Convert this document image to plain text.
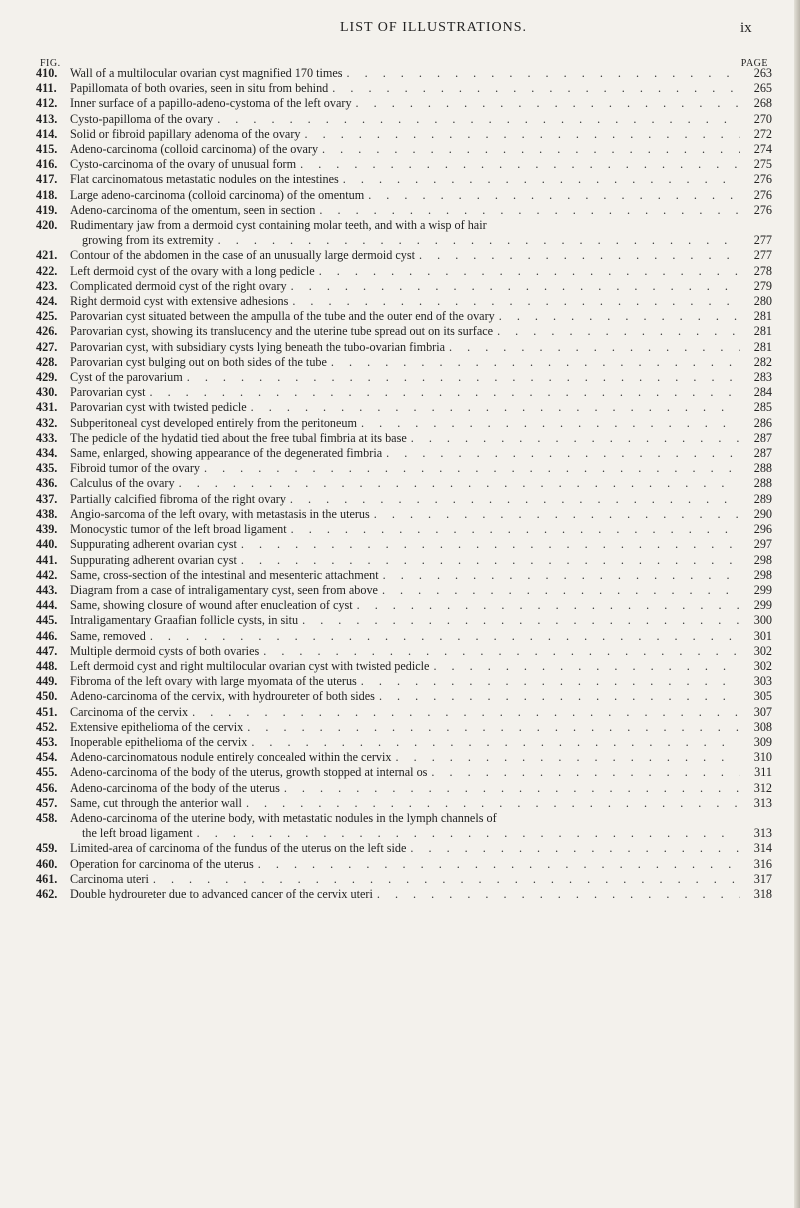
LIST OF ILLUSTRATIONS.	ix
FIG.	PAGE
410.	Wall of a multilocular ovarian cyst magnified 170 times . . .	263
411.	Papillomata of both ovaries, seen in situ from behind . . .	265
412.	Inner surface of a papillo-adeno-cystoma of the left ovary . . .	268
413.	Cysto-papilloma of the ovary . . .	270
414.	Solid or fibroid papillary adenoma of the ovary . . .	272
415.	Adeno-carcinoma (colloid carcinoma) of the ovary . . .	274
416.	Cysto-carcinoma of the ovary of unusual form . . .	275
417.	Flat carcinomatous metastatic nodules on the intestines . . .	276
418.	Large adeno-carcinoma (colloid carcinoma) of the omentum . . .	276
419.	Adeno-carcinoma of the omentum, seen in section . . .	276
420.	Rudimentary jaw from a dermoid cyst containing molar teeth, and with a wisp of hair
growing from its extremity . . .	277
421.	Contour of the abdomen in the case of an unusually large dermoid cyst . . .	277
422.	Left dermoid cyst of the ovary with a long pedicle . . .	278
423.	Complicated dermoid cyst of the right ovary . . .	279
424.	Right dermoid cyst with extensive adhesions . . .	280
425.	Parovarian cyst situated between the ampulla of the tube and the outer end of the ovary . . .	281
426.	Parovarian cyst, showing its translucency and the uterine tube spread out on its surface . . .	281
427.	Parovarian cyst, with subsidiary cysts lying beneath the tubo-ovarian fimbria . . .	281
428.	Parovarian cyst bulging out on both sides of the tube . . .	282
429.	Cyst of the parovarium . . .	283
430.	Parovarian cyst . . .	284
431.	Parovarian cyst with twisted pedicle . . .	285
432.	Subperitoneal cyst developed entirely from the peritoneum . . .	286
433.	The pedicle of the hydatid tied about the free tubal fimbria at its base . . .	287
434.	Same, enlarged, showing appearance of the degenerated fimbria . . .	287
435.	Fibroid tumor of the ovary . . .	288
436.	Calculus of the ovary . . .	288
437.	Partially calcified fibroma of the right ovary . . .	289
438.	Angio-sarcoma of the left ovary, with metastasis in the uterus . . .	290
439.	Monocystic tumor of the left broad ligament . . .	296
440.	Suppurating adherent ovarian cyst . . .	297
441.	Suppurating adherent ovarian cyst . . .	298
442.	Same, cross-section of the intestinal and mesenteric attachment . . .	298
443.	Diagram from a case of intraligamentary cyst, seen from above . . .	299
444.	Same, showing closure of wound after enucleation of cyst . . .	299
445.	Intraligamentary Graafian follicle cysts, in situ . . .	300
446.	Same, removed . . .	301
447.	Multiple dermoid cysts of both ovaries . . .	302
448.	Left dermoid cyst and right multilocular ovarian cyst with twisted pedicle . . .	302
449.	Fibroma of the left ovary with large myomata of the uterus . . .	303
450.	Adeno-carcinoma of the cervix, with hydroureter of both sides . . .	305
451.	Carcinoma of the cervix . . .	307
452.	Extensive epithelioma of the cervix . . .	308
453.	Inoperable epithelioma of the cervix . . .	309
454.	Adeno-carcinomatous nodule entirely concealed within the cervix . . .	310
455.	Adeno-carcinoma of the body of the uterus, growth stopped at internal os . . .	311
456.	Adeno-carcinoma of the body of the uterus . . .	312
457.	Same, cut through the anterior wall . . .	313
458.	Adeno-carcinoma of the uterine body, with metastatic nodules in the lymph channels of
the left broad ligament . . .	313
459.	Limited-area of carcinoma of the fundus of the uterus on the left side . . .	314
460.	Operation for carcinoma of the uterus . . .	316
461.	Carcinoma uteri . . .	317
462.	Double hydroureter due to advanced cancer of the cervix uteri . . .	318
